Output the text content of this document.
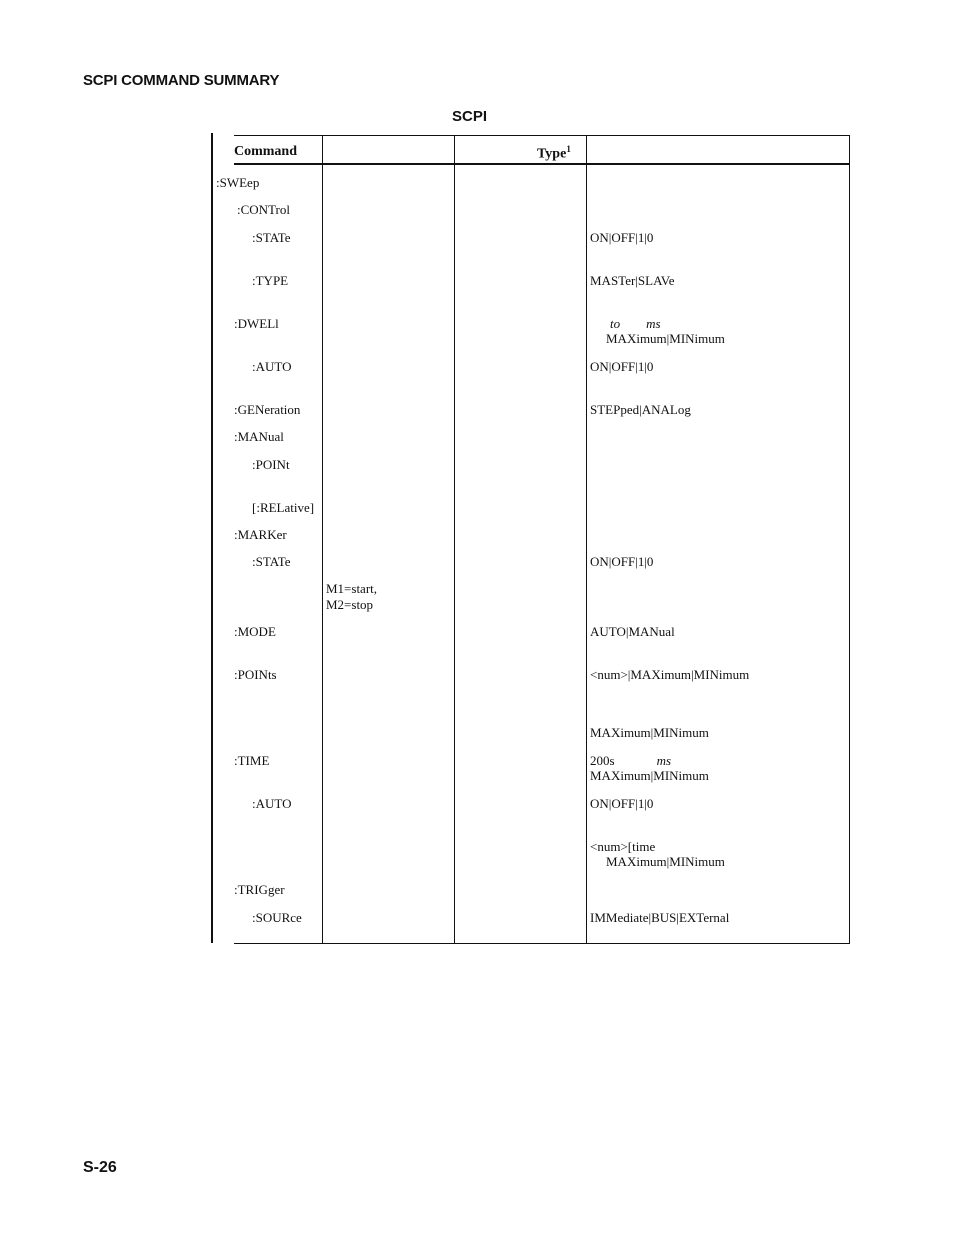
SCPI COMMAND SUMMARY
SCPI
Command	Type$^1$
:SWEep
:CONTrol
:STATe
:TYPE
:DWELl
:AUTO
:GENeration
:MANual
:POINt
[:RELative]
:MARKer
:STATe
:MODE
:POINts
:TIME
:AUTO
:TRIGger
:SOURce
M1=start,
M2=stop
ON|OFF|1|0
MASTer|SLAVe
to ms
MAXimum|MINimum
ON|OFF|1|0
STEPped|ANALog
ON|OFF|1|0
AUTO|MANual
<num>|MAXimum|MINimum
MAXimum|MINimum
200s	ms
MAXimum|MINimum
ON|OFF|1|0
<num>[time
MAXimum|MINimum
IMMediate|BUS|EXTernal
S-26
